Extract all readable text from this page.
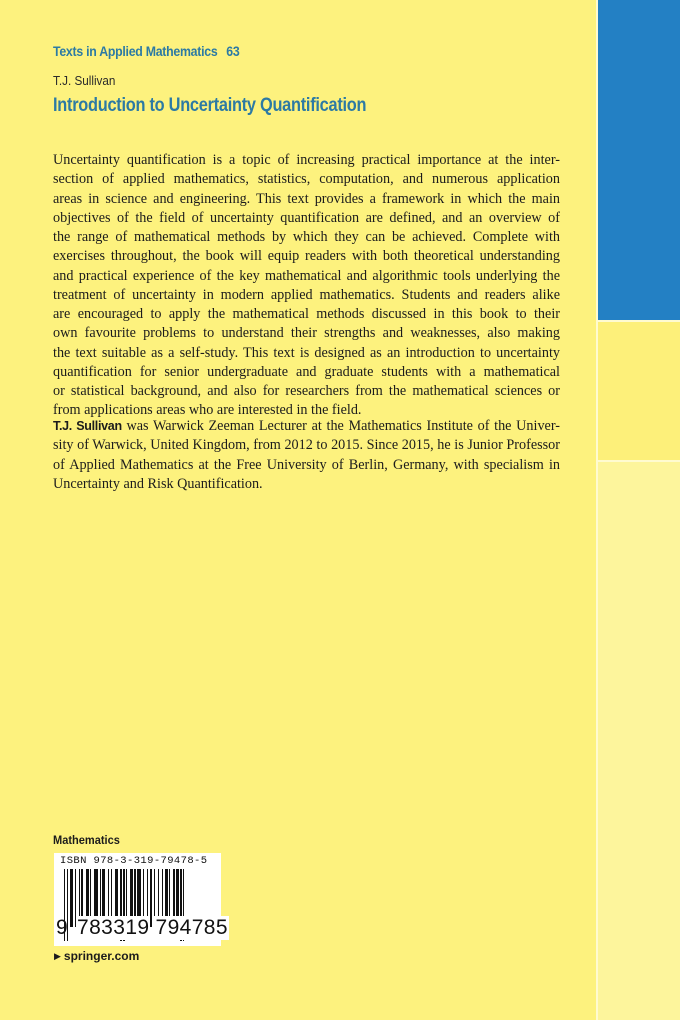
Texts in Applied Mathematics 63
T.J. Sullivan
Introduction to Uncertainty Quantification
Uncertainty quantification is a topic of increasing practical importance at the inter-
section of applied mathematics, statistics, computation, and numerous application
areas in science and engineering. This text provides a framework in which the main
objectives of the field of uncertainty quantification are defined, and an overview of
the range of mathematical methods by which they can be achieved. Complete with
exercises throughout, the book will equip readers with both theoretical understanding
and practical experience of the key mathematical and algorithmic tools underlying the
treatment of uncertainty in modern applied mathematics. Students and readers alike
are encouraged to apply the mathematical methods discussed in this book to their
own favourite problems to understand their strengths and weaknesses, also making
the text suitable as a self-study. This text is designed as an introduction to uncertainty
quantification for senior undergraduate and graduate students with a mathematical
or statistical background, and also for researchers from the mathematical sciences or
from applications areas who are interested in the field.
T.J. Sullivan was Warwick Zeeman Lecturer at the Mathematics Institute of the Univer-
sity of Warwick, United Kingdom, from 2012 to 2015. Since 2015, he is Junior Professor
of Applied Mathematics at the Free University of Berlin, Germany, with specialism in
Uncertainty and Risk Quantification.
Mathematics
ISBN 978-3-319-79478-5
9 783319 794785
▶ springer.com
